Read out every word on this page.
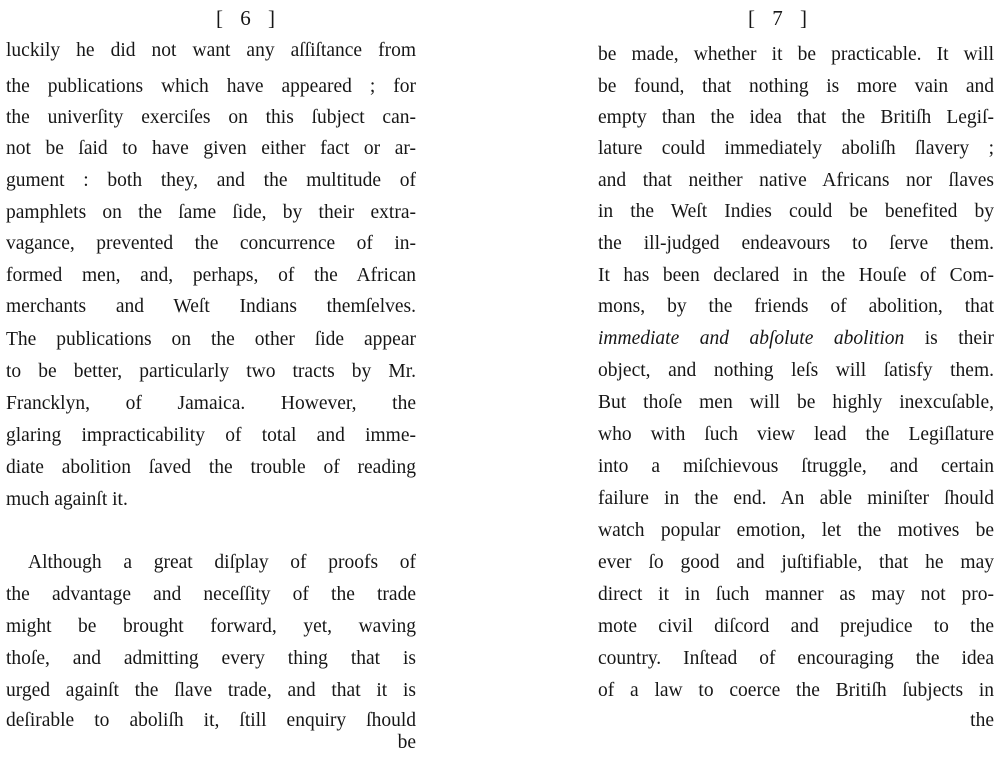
[ 6 ]
luckily he did not want any aſſiſtance from
the publications which have appeared ; for
the univerſity exerciſes on this ſubject can-
not be ſaid to have given either fact or ar-
gument : both they, and the multitude of
pamphlets on the ſame ſide, by their extra-
vagance, prevented the concurrence of in-
formed men, and, perhaps, of the African
merchants and Weſt Indians themſelves.
The publications on the other ſide appear
to be better, particularly two tracts by Mr.
Francklyn, of Jamaica. However, the
glaring impracticability of total and imme-
diate abolition ſaved the trouble of reading
much againſt it.
Although a great diſplay of proofs of
the advantage and neceſſity of the trade
might be brought forward, yet, waving
thoſe, and admitting every thing that is
urged againſt the ſlave trade, and that it is
deſirable to aboliſh it, ſtill enquiry ſhould
be
[ 7 ]
be made, whether it be practicable. It will
be found, that nothing is more vain and
empty than the idea that the Britiſh Legiſ-
lature could immediately aboliſh ſlavery ;
and that neither native Africans nor ſlaves
in the Weſt Indies could be benefited by
the ill-judged endeavours to ſerve them.
It has been declared in the Houſe of Com-
mons, by the friends of abolition, that
immediate and abſolute abolition is their
object, and nothing leſs will ſatisfy them.
But thoſe men will be highly inexcuſable,
who with ſuch view lead the Legiſlature
into a miſchievous ſtruggle, and certain
failure in the end. An able miniſter ſhould
watch popular emotion, let the motives be
ever ſo good and juſtifiable, that he may
direct it in ſuch manner as may not pro-
mote civil diſcord and prejudice to the
country. Inſtead of encouraging the idea
of a law to coerce the Britiſh ſubjects in
the
